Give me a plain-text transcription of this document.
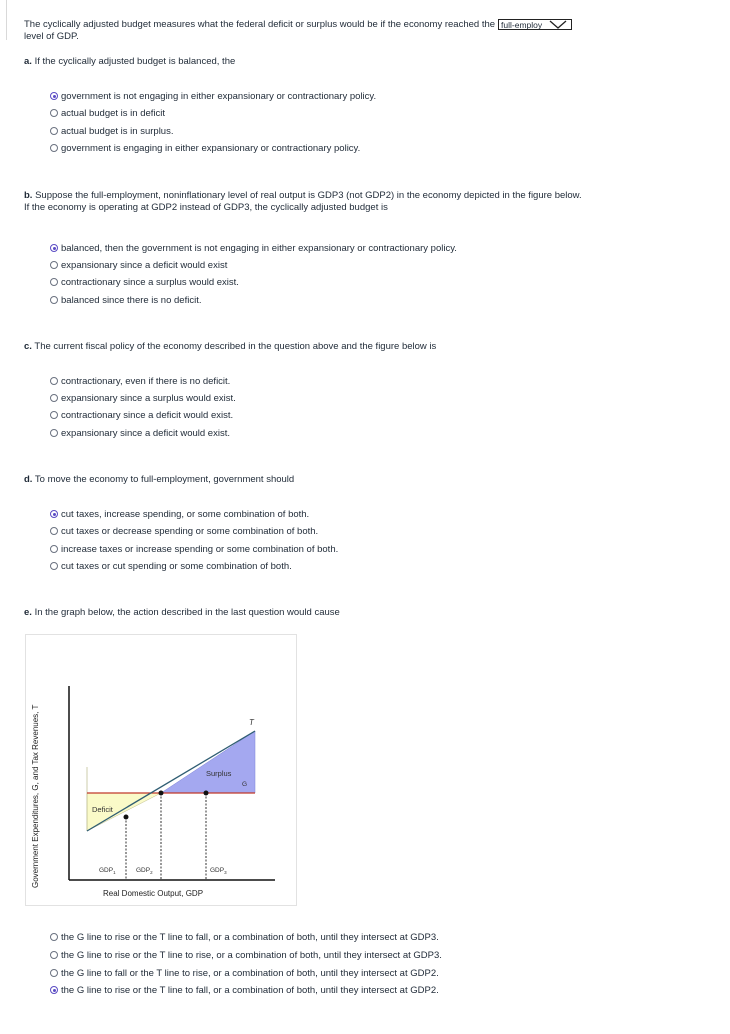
The cyclically adjusted budget measures what the federal deficit or surplus would be if the economy reached the full-employ

level of GDP.
a. If the cyclically adjusted budget is balanced, the
government is not engaging in either expansionary or contractionary policy.
actual budget is in deficit
actual budget is in surplus.
government is engaging in either expansionary or contractionary policy.
b. Suppose the full-employment, noninflationary level of real output is GDP3 (not GDP2) in the economy depicted in the figure below.
If the economy is operating at GDP2 instead of GDP3, the cyclically adjusted budget is
balanced, then the government is not engaging in either expansionary or contractionary policy.
expansionary since a deficit would exist
contractionary since a surplus would exist.
balanced since there is no deficit.
c. The current fiscal policy of the economy described in the question above and the figure below is
contractionary, even if there is no deficit.
expansionary since a surplus would exist.
contractionary since a deficit would exist.
expansionary since a deficit would exist.
d. To move the economy to full-employment, government should
cut taxes, increase spending, or some combination of both.
cut taxes or decrease spending or some combination of both.
increase taxes or increase spending or some combination of both.
cut taxes or cut spending or some combination of both.
e. In the graph below, the action described in the last question would cause
T
G
Surplus
Deficit
$GDP_1$	$GDP_2$	$GDP_3$
Real Domestic Output, GDP
Government Expenditures, G, and Tax Revenues, T
the G line to rise or the T line to fall, or a combination of both, until they intersect at GDP3.
the G line to rise or the T line to rise, or a combination of both, until they intersect at GDP3.
the G line to fall or the T line to rise, or a combination of both, until they intersect at GDP2.
the G line to rise or the T line to fall, or a combination of both, until they intersect at GDP2.
